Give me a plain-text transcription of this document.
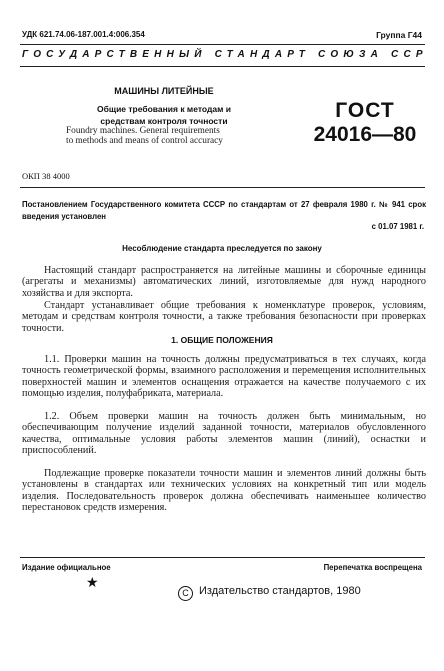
УДК 621.74.06-187.001.4:006.354	Группа Г44
ГОСУДАРСТВЕННЫЙ СТАНДАРТ СОЮЗА ССР
МАШИНЫ ЛИТЕЙНЫЕ
Общие требования к методам и
средствам контроля точности
Foundry machines. General requirements
to methods and means of control accuracy
ГОСТ
24016—80
ОКП 38 4000
Постановлением Государственного комитета СССР по стандартам от 27 февраля 1980 г. № 941 срок введения установлен
с 01.07 1981 г.
Несоблюдение стандарта преследуется по закону
Настоящий стандарт распространяется на литейные машины и сборочные единицы (агрегаты и механизмы) автоматических линий, изготовляемые для нужд народного хозяйства и для экспорта.
Стандарт устанавливает общие требования к номенклатуре проверок, условиям, методам и средствам контроля точности, а также требования безопасности при проверках точности.
1. ОБЩИЕ ПОЛОЖЕНИЯ
1.1. Проверки машин на точность должны предусматриваться в тех случаях, когда точность геометрической формы, взаимного расположения и перемещения исполнительных поверхностей машин и элементов оснащения отражается на качестве получаемого с их помощью изделия, полуфабриката, материала.
1.2. Объем проверки машин на точность должен быть минимальным, но обеспечивающим получение изделий заданной точности, материалов обусловленного качества, оптимальные условия работы элементов машин (линий), оснастки и приспособлений.
Подлежащие проверке показатели точности машин и элементов линий должны быть установлены в стандартах или технических условиях на конкретный тип или модель изделия. Последовательность проверок должна обеспечивать наименьшее количество перестановок средств измерения.
Издание официальное	Перепечатка воспрещена
★
С Издательство стандартов, 1980
